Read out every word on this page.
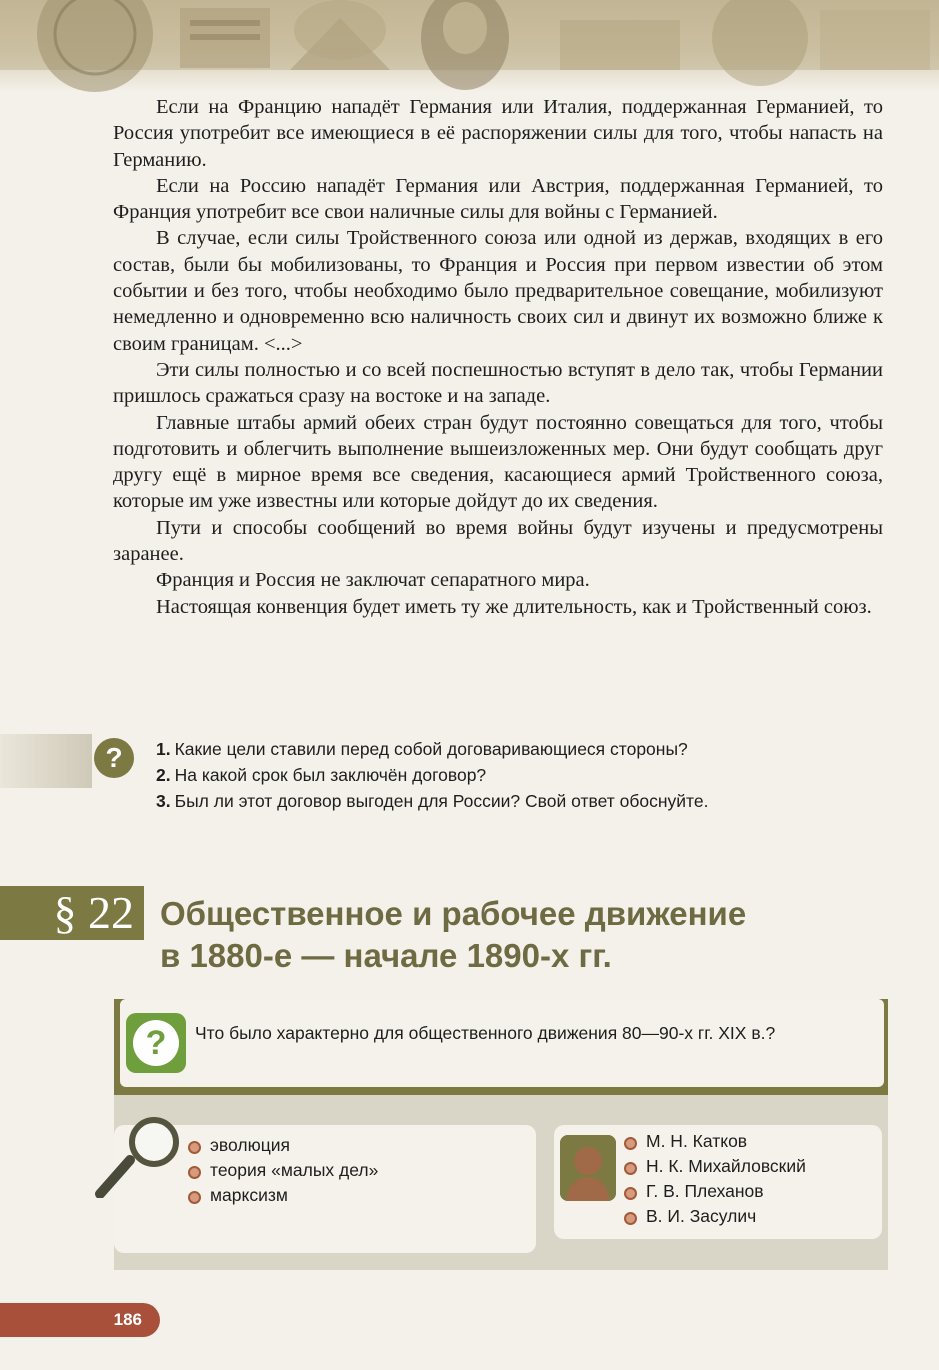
Если на Францию нападёт Германия или Италия, поддержанная Германией, то Россия употребит все имеющиеся в её распоряжении силы для того, чтобы напасть на Германию.

Если на Россию нападёт Германия или Австрия, поддержанная Германией, то Франция употребит все свои наличные силы для войны с Германией.

В случае, если силы Тройственного союза или одной из держав, входящих в его состав, были бы мобилизованы, то Франция и Россия при первом известии об этом событии и без того, чтобы необходимо было предварительное совещание, мобилизуют немедленно и одновременно всю наличность своих сил и двинут их возможно ближе к своим границам. <...>

Эти силы полностью и со всей поспешностью вступят в дело так, чтобы Германии пришлось сражаться сразу на востоке и на западе.

Главные штабы армий обеих стран будут постоянно совещаться для того, чтобы подготовить и облегчить выполнение вышеизложенных мер. Они будут сообщать друг другу ещё в мирное время все сведения, касающиеся армий Тройственного союза, которые им уже известны или которые дойдут до их сведения.

Пути и способы сообщений во время войны будут изучены и предусмотрены заранее.

Франция и Россия не заключат сепаратного мира.

Настоящая конвенция будет иметь ту же длительность, как и Тройственный союз.

?	1. Какие цели ставили перед собой договаривающиеся стороны?
2. На какой срок был заключён договор?
3. Был ли этот договор выгоден для России? Свой ответ обоснуйте.
§ 22 Общественное и рабочее движение
в 1880-е — начале 1890-х гг.
?	Что было характерно для общественного движения 80—90-х гг. XIX в.?
эволюция
теория «малых дел»
марксизм
М. Н. Катков
Н. К. Михайловский
Г. В. Плеханов
В. И. Засулич
186
